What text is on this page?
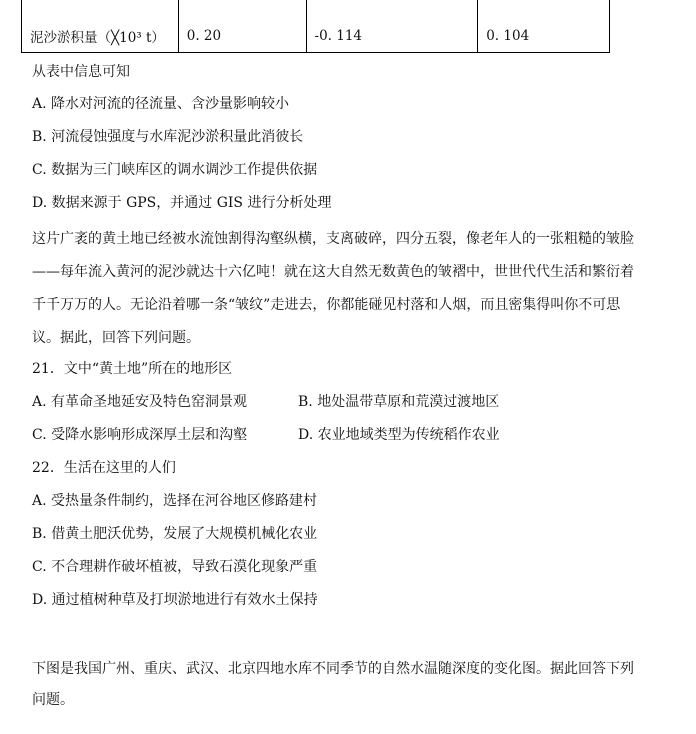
泥沙淤积量（╳10³ t）	0. 20	-0. 114	0. 104
从表中信息可知
A. 降水对河流的径流量、含沙量影响较小
B. 河流侵蚀强度与水库泥沙淤积量此消彼长
C. 数据为三门峡库区的调水调沙工作提供依据
D. 数据来源于 GPS，并通过 GIS 进行分析处理
这片广袤的黄土地已经被水流蚀割得沟壑纵横，支离破碎，四分五裂，像老年人的一张粗糙的皱脸
——每年流入黄河的泥沙就达十六亿吨！就在这大自然无数黄色的皱褶中，世世代代生活和繁衍着
千千万万的人。无论沿着哪一条“皱纹”走进去，你都能碰见村落和人烟，而且密集得叫你不可思
议。据此，回答下列问题。
21．文中“黄土地”所在的地形区
A. 有革命圣地延安及特色窑洞景观	B. 地处温带草原和荒漠过渡地区
C. 受降水影响形成深厚土层和沟壑	D. 农业地域类型为传统稻作农业
22．生活在这里的人们
A. 受热量条件制约，选择在河谷地区修路建村
B. 借黄土肥沃优势，发展了大规模机械化农业
C. 不合理耕作破坏植被，导致石漠化现象严重
D. 通过植树种草及打坝淤地进行有效水土保持
下图是我国广州、重庆、武汉、北京四地水库不同季节的自然水温随深度的变化图。据此回答下列
问题。
